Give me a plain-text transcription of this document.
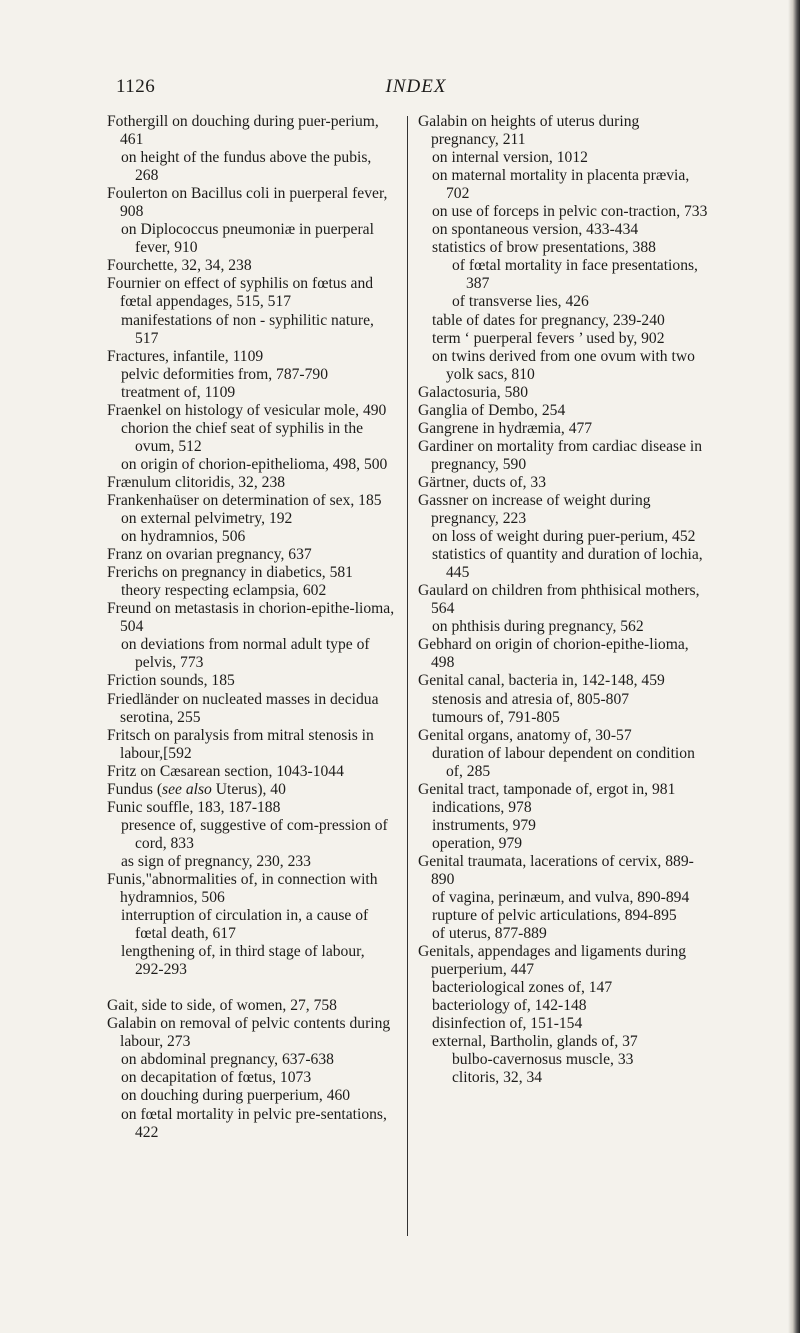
1126	INDEX

Fothergill on douching during puer-perium, 461

on height of the fundus above the pubis, 268

Foulerton on Bacillus coli in puerperal fever, 908

on Diplococcus pneumoniæ in puerperal fever, 910

Fourchette, 32, 34, 238

Fournier on effect of syphilis on fœtus and fœtal appendages, 515, 517

manifestations of non - syphilitic nature, 517

Fractures, infantile, 1109

pelvic deformities from, 787-790

treatment of, 1109

Fraenkel on histology of vesicular mole, 490

chorion the chief seat of syphilis in the ovum, 512

on origin of chorion-epithelioma, 498, 500

Frænulum clitoridis, 32, 238

Frankenhaüser on determination of sex, 185

on external pelvimetry, 192

on hydramnios, 506

Franz on ovarian pregnancy, 637

Frerichs on pregnancy in diabetics, 581

theory respecting eclampsia, 602

Freund on metastasis in chorion-epithe-lioma, 504

on deviations from normal adult type of pelvis, 773

Friction sounds, 185

Friedländer on nucleated masses in decidua serotina, 255

Fritsch on paralysis from mitral stenosis in labour,[592

Fritz on Cæsarean section, 1043-1044

Fundus (see also Uterus), 40

Funic souffle, 183, 187-188

presence of, suggestive of com-pression of cord, 833

as sign of pregnancy, 230, 233

Funis,"abnormalities of, in connection with hydramnios, 506

interruption of circulation in, a cause of fœtal death, 617

lengthening of, in third stage of labour, 292-293

Gait, side to side, of women, 27, 758

Galabin on removal of pelvic contents during labour, 273

on abdominal pregnancy, 637-638

on decapitation of fœtus, 1073

on douching during puerperium, 460

on fœtal mortality in pelvic pre-sentations, 422

Galabin on heights of uterus during pregnancy, 211

on internal version, 1012

on maternal mortality in placenta prævia, 702

on use of forceps in pelvic con-traction, 733

on spontaneous version, 433-434

statistics of brow presentations, 388

of fœtal mortality in face presentations, 387

of transverse lies, 426

table of dates for pregnancy, 239-240

term ‘ puerperal fevers ’ used by, 902

on twins derived from one ovum with two yolk sacs, 810

Galactosuria, 580

Ganglia of Dembo, 254

Gangrene in hydræmia, 477

Gardiner on mortality from cardiac disease in pregnancy, 590

Gärtner, ducts of, 33

Gassner on increase of weight during pregnancy, 223

on loss of weight during puer-perium, 452

statistics of quantity and duration of lochia, 445

Gaulard on children from phthisical mothers, 564

on phthisis during pregnancy, 562

Gebhard on origin of chorion-epithe-lioma, 498

Genital canal, bacteria in, 142-148, 459

stenosis and atresia of, 805-807

tumours of, 791-805

Genital organs, anatomy of, 30-57

duration of labour dependent on condition of, 285

Genital tract, tamponade of, ergot in, 981

indications, 978

instruments, 979

operation, 979

Genital traumata, lacerations of cervix, 889-890

of vagina, perinæum, and vulva, 890-894

rupture of pelvic articulations, 894-895

of uterus, 877-889

Genitals, appendages and ligaments during puerperium, 447

bacteriological zones of, 147

bacteriology of, 142-148

disinfection of, 151-154

external, Bartholin, glands of, 37

bulbo-cavernosus muscle, 33

clitoris, 32, 34
